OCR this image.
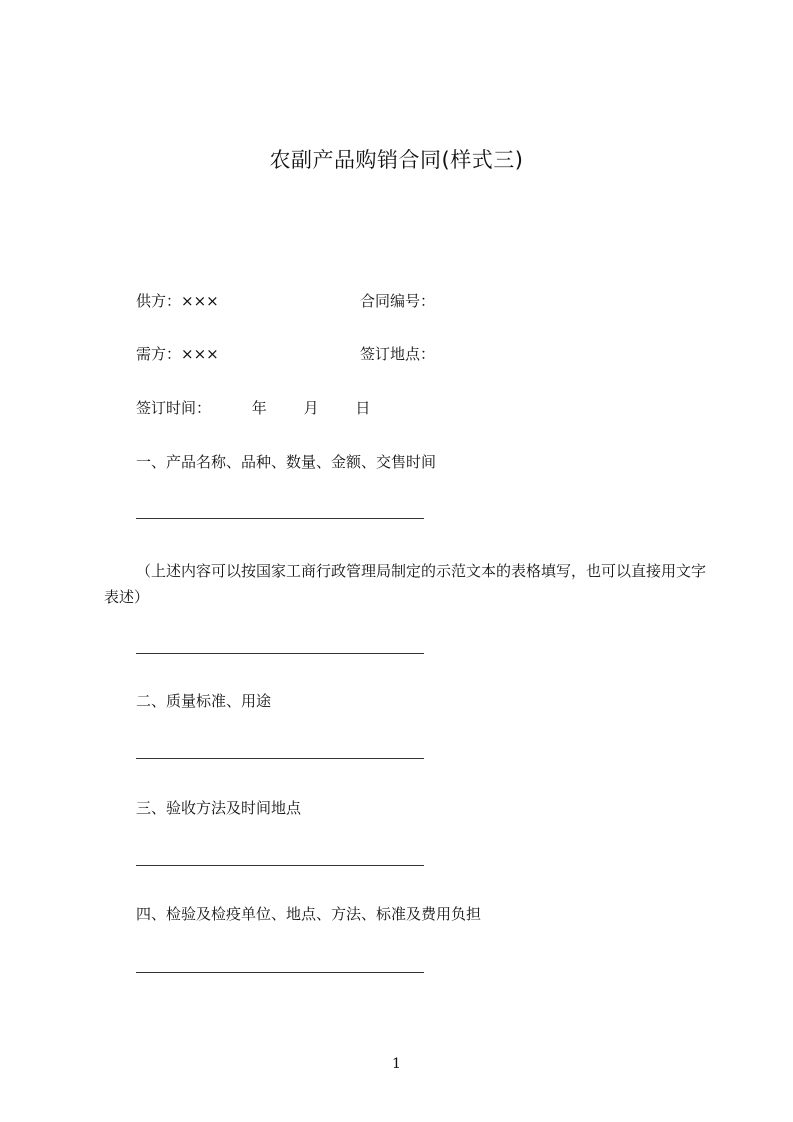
农副产品购销合同(样式三)
供方：×××	合同编号：
需方：×××	签订地点：
签订时间：	年 月 日
一、产品名称、品种、数量、金额、交售时间
（上述内容可以按国家工商行政管理局制定的示范文本的表格填写，也可以直接用文字表述）
二、质量标准、用途
三、验收方法及时间地点
四、检验及检疫单位、地点、方法、标准及费用负担
1
